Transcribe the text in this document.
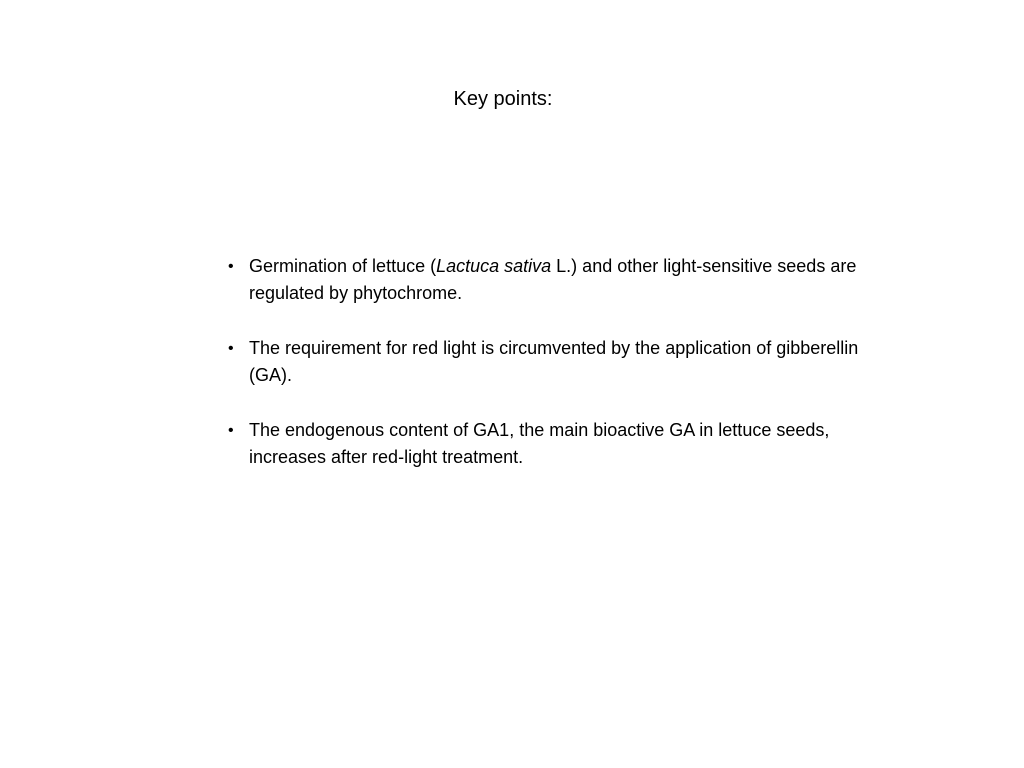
Key points:
• Germination of lettuce (Lactuca sativa L.) and other light-sensitive seeds are regulated by phytochrome.
• The requirement for red light is circumvented by the application of gibberellin (GA).
• The endogenous content of GA1, the main bioactive GA in lettuce seeds, increases after red-light treatment.
